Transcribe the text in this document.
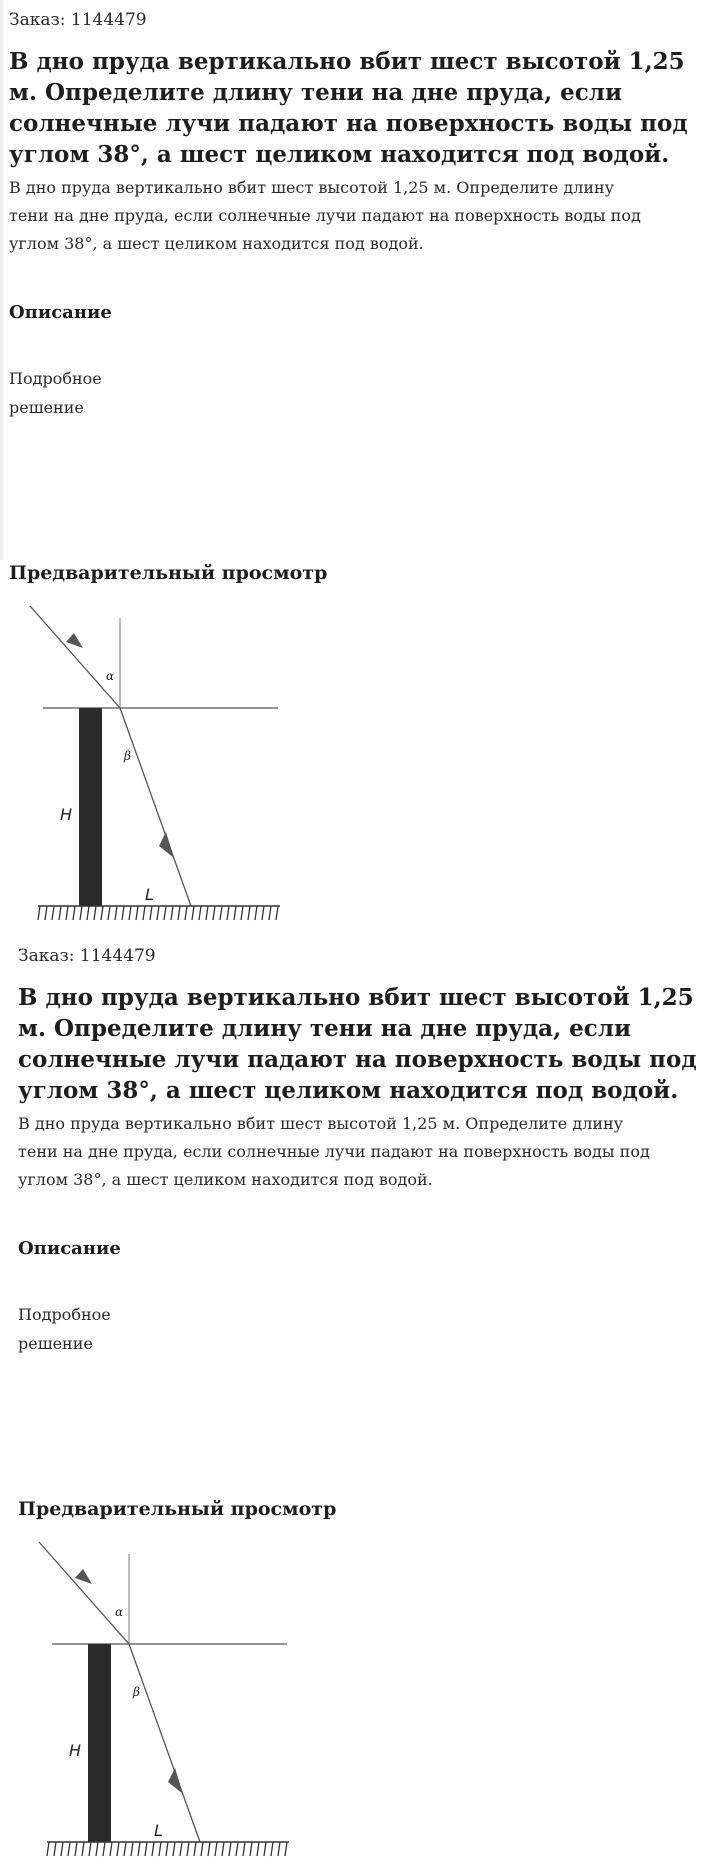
Заказ: 1144479
В дно пруда вертикально вбит шест высотой 1,25 м. Определите длину тени на дне пруда, если солнечные лучи падают на поверхность воды под углом 38°, а шест целиком находится под водой.
В дно пруда вертикально вбит шест высотой 1,25 м. Определите длину тени на дне пруда, если солнечные лучи падают на поверхность воды под углом 38°, а шест целиком находится под водой.
Описание
Подробное
решение
Предварительный просмотр
α
β
H
L
Заказ: 1144479
В дно пруда вертикально вбит шест высотой 1,25 м. Определите длину тени на дне пруда, если солнечные лучи падают на поверхность воды под углом 38°, а шест целиком находится под водой.
В дно пруда вертикально вбит шест высотой 1,25 м. Определите длину тени на дне пруда, если солнечные лучи падают на поверхность воды под углом 38°, а шест целиком находится под водой.
Описание
Подробное
решение
Предварительный просмотр
α
β
H
L
